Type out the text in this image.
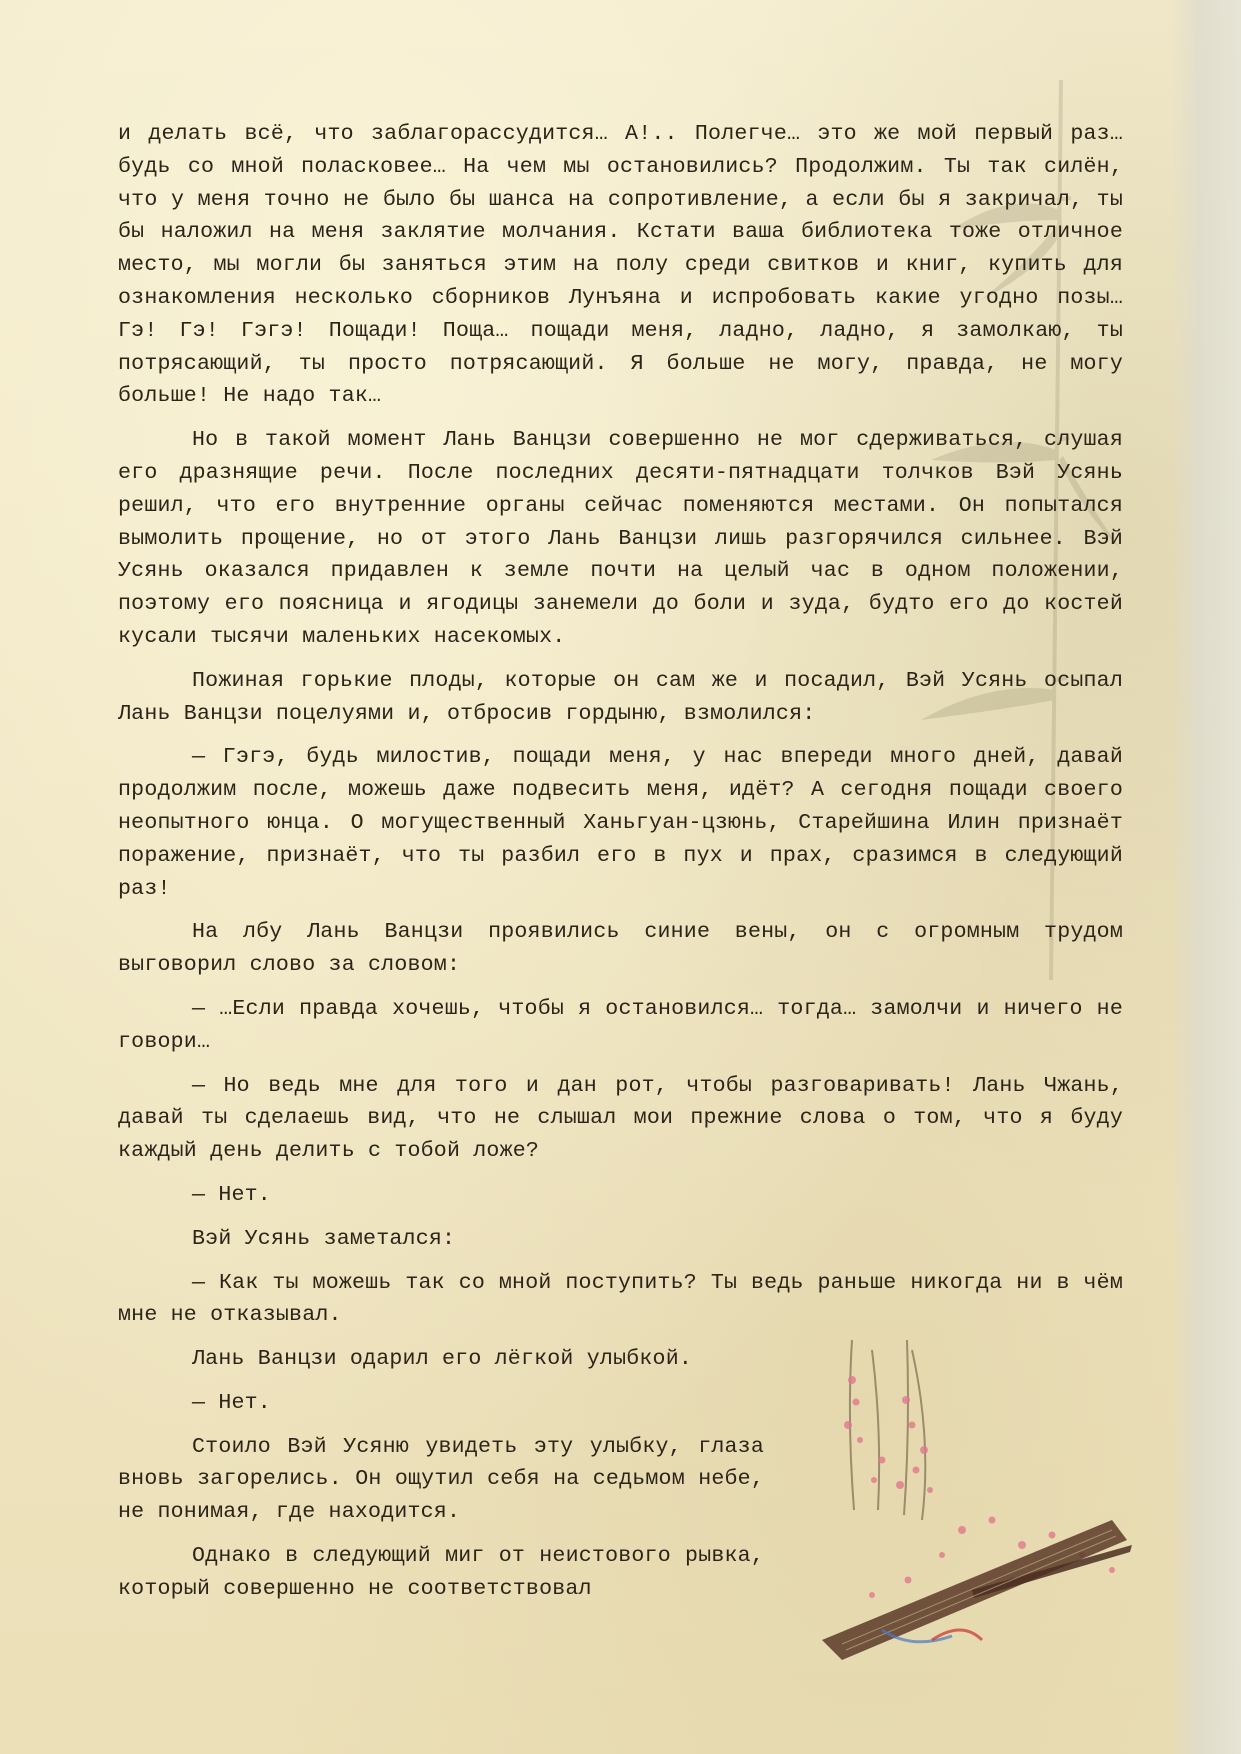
и делать всё, что заблагорассудится… А!.. Полегче… это же мой первый раз… будь со мной поласковее… На чем мы остановились? Продолжим. Ты так силён, что у меня точно не было бы шанса на сопротивление, а если бы я закричал, ты бы наложил на меня заклятие молчания. Кстати ваша библиотека тоже отличное место, мы могли бы заняться этим на полу среди свитков и книг, купить для ознакомления несколько сборников Лунъяна и испробовать какие угодно позы… Гэ! Гэ! Гэгэ! Пощади! Поща… пощади меня, ладно, ладно, я замолкаю, ты потрясающий, ты просто потрясающий. Я больше не могу, правда, не могу больше! Не надо так…

Но в такой момент Лань Ванцзи совершенно не мог сдерживаться, слушая его дразнящие речи. После последних десяти-пятнадцати толчков Вэй Усянь решил, что его внутренние органы сейчас поменяются местами. Он попытался вымолить прощение, но от этого Лань Ванцзи лишь разгорячился сильнее. Вэй Усянь оказался придавлен к земле почти на целый час в одном положении, поэтому его поясница и ягодицы занемели до боли и зуда, будто его до костей кусали тысячи маленьких насекомых.

Пожиная горькие плоды, которые он сам же и посадил, Вэй Усянь осыпал Лань Ванцзи поцелуями и, отбросив гордыню, взмолился:

— Гэгэ, будь милостив, пощади меня, у нас впереди много дней, давай продолжим после, можешь даже подвесить меня, идёт? А сегодня пощади своего неопытного юнца. О могущественный Ханьгуан-цзюнь, Старейшина Илин признаёт поражение, признаёт, что ты разбил его в пух и прах, сразимся в следующий раз!

На лбу Лань Ванцзи проявились синие вены, он с огромным трудом выговорил слово за словом:

— …Если правда хочешь, чтобы я остановился… тогда… замолчи и ничего не говори…

— Но ведь мне для того и дан рот, чтобы разговаривать! Лань Чжань, давай ты сделаешь вид, что не слышал мои прежние слова о том, что я буду каждый день делить с тобой ложе?

— Нет.

Вэй Усянь заметался:

— Как ты можешь так со мной поступить? Ты ведь раньше никогда ни в чём мне не отказывал.

Лань Ванцзи одарил его лёгкой улыбкой.

— Нет.

Стоило Вэй Усяню увидеть эту улыбку, глаза вновь загорелись. Он ощутил себя на седьмом небе, не понимая, где находится.

Однако в следующий миг от неистового рывка, который совершенно не соответствовал
